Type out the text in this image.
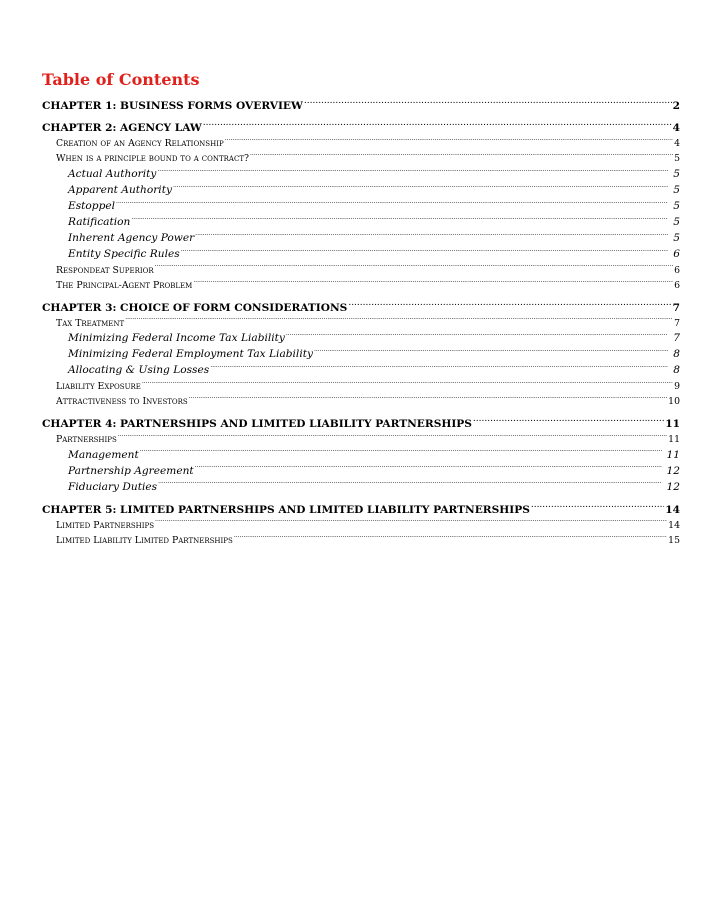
Table of Contents
CHAPTER 1: BUSINESS FORMS OVERVIEW .....	2
CHAPTER 2: AGENCY LAW .....	4
Creation of an Agency Relationship .....	4
When is a principle bound to a contract? .....	5
Actual Authority .....	5
Apparent Authority .....	5
Estoppel .....	5
Ratification .....	5
Inherent Agency Power .....	5
Entity Specific Rules .....	6
Respondeat Superior .....	6
The Principal-Agent Problem .....	6
CHAPTER 3: CHOICE OF FORM CONSIDERATIONS .....	7
Tax Treatment .....	7
Minimizing Federal Income Tax Liability .....	7
Minimizing Federal Employment Tax Liability .....	8
Allocating & Using Losses .....	8
Liability Exposure .....	9
Attractiveness to Investors .....	10
CHAPTER 4: PARTNERSHIPS AND LIMITED LIABILITY PARTNERSHIPS .....	11
Partnerships .....	11
Management .....	11
Partnership Agreement .....	12
Fiduciary Duties .....	12
CHAPTER 5: LIMITED PARTNERSHIPS AND LIMITED LIABILITY PARTNERSHIPS .....	14
Limited Partnerships .....	14
Limited Liability Limited Partnerships .....	15
